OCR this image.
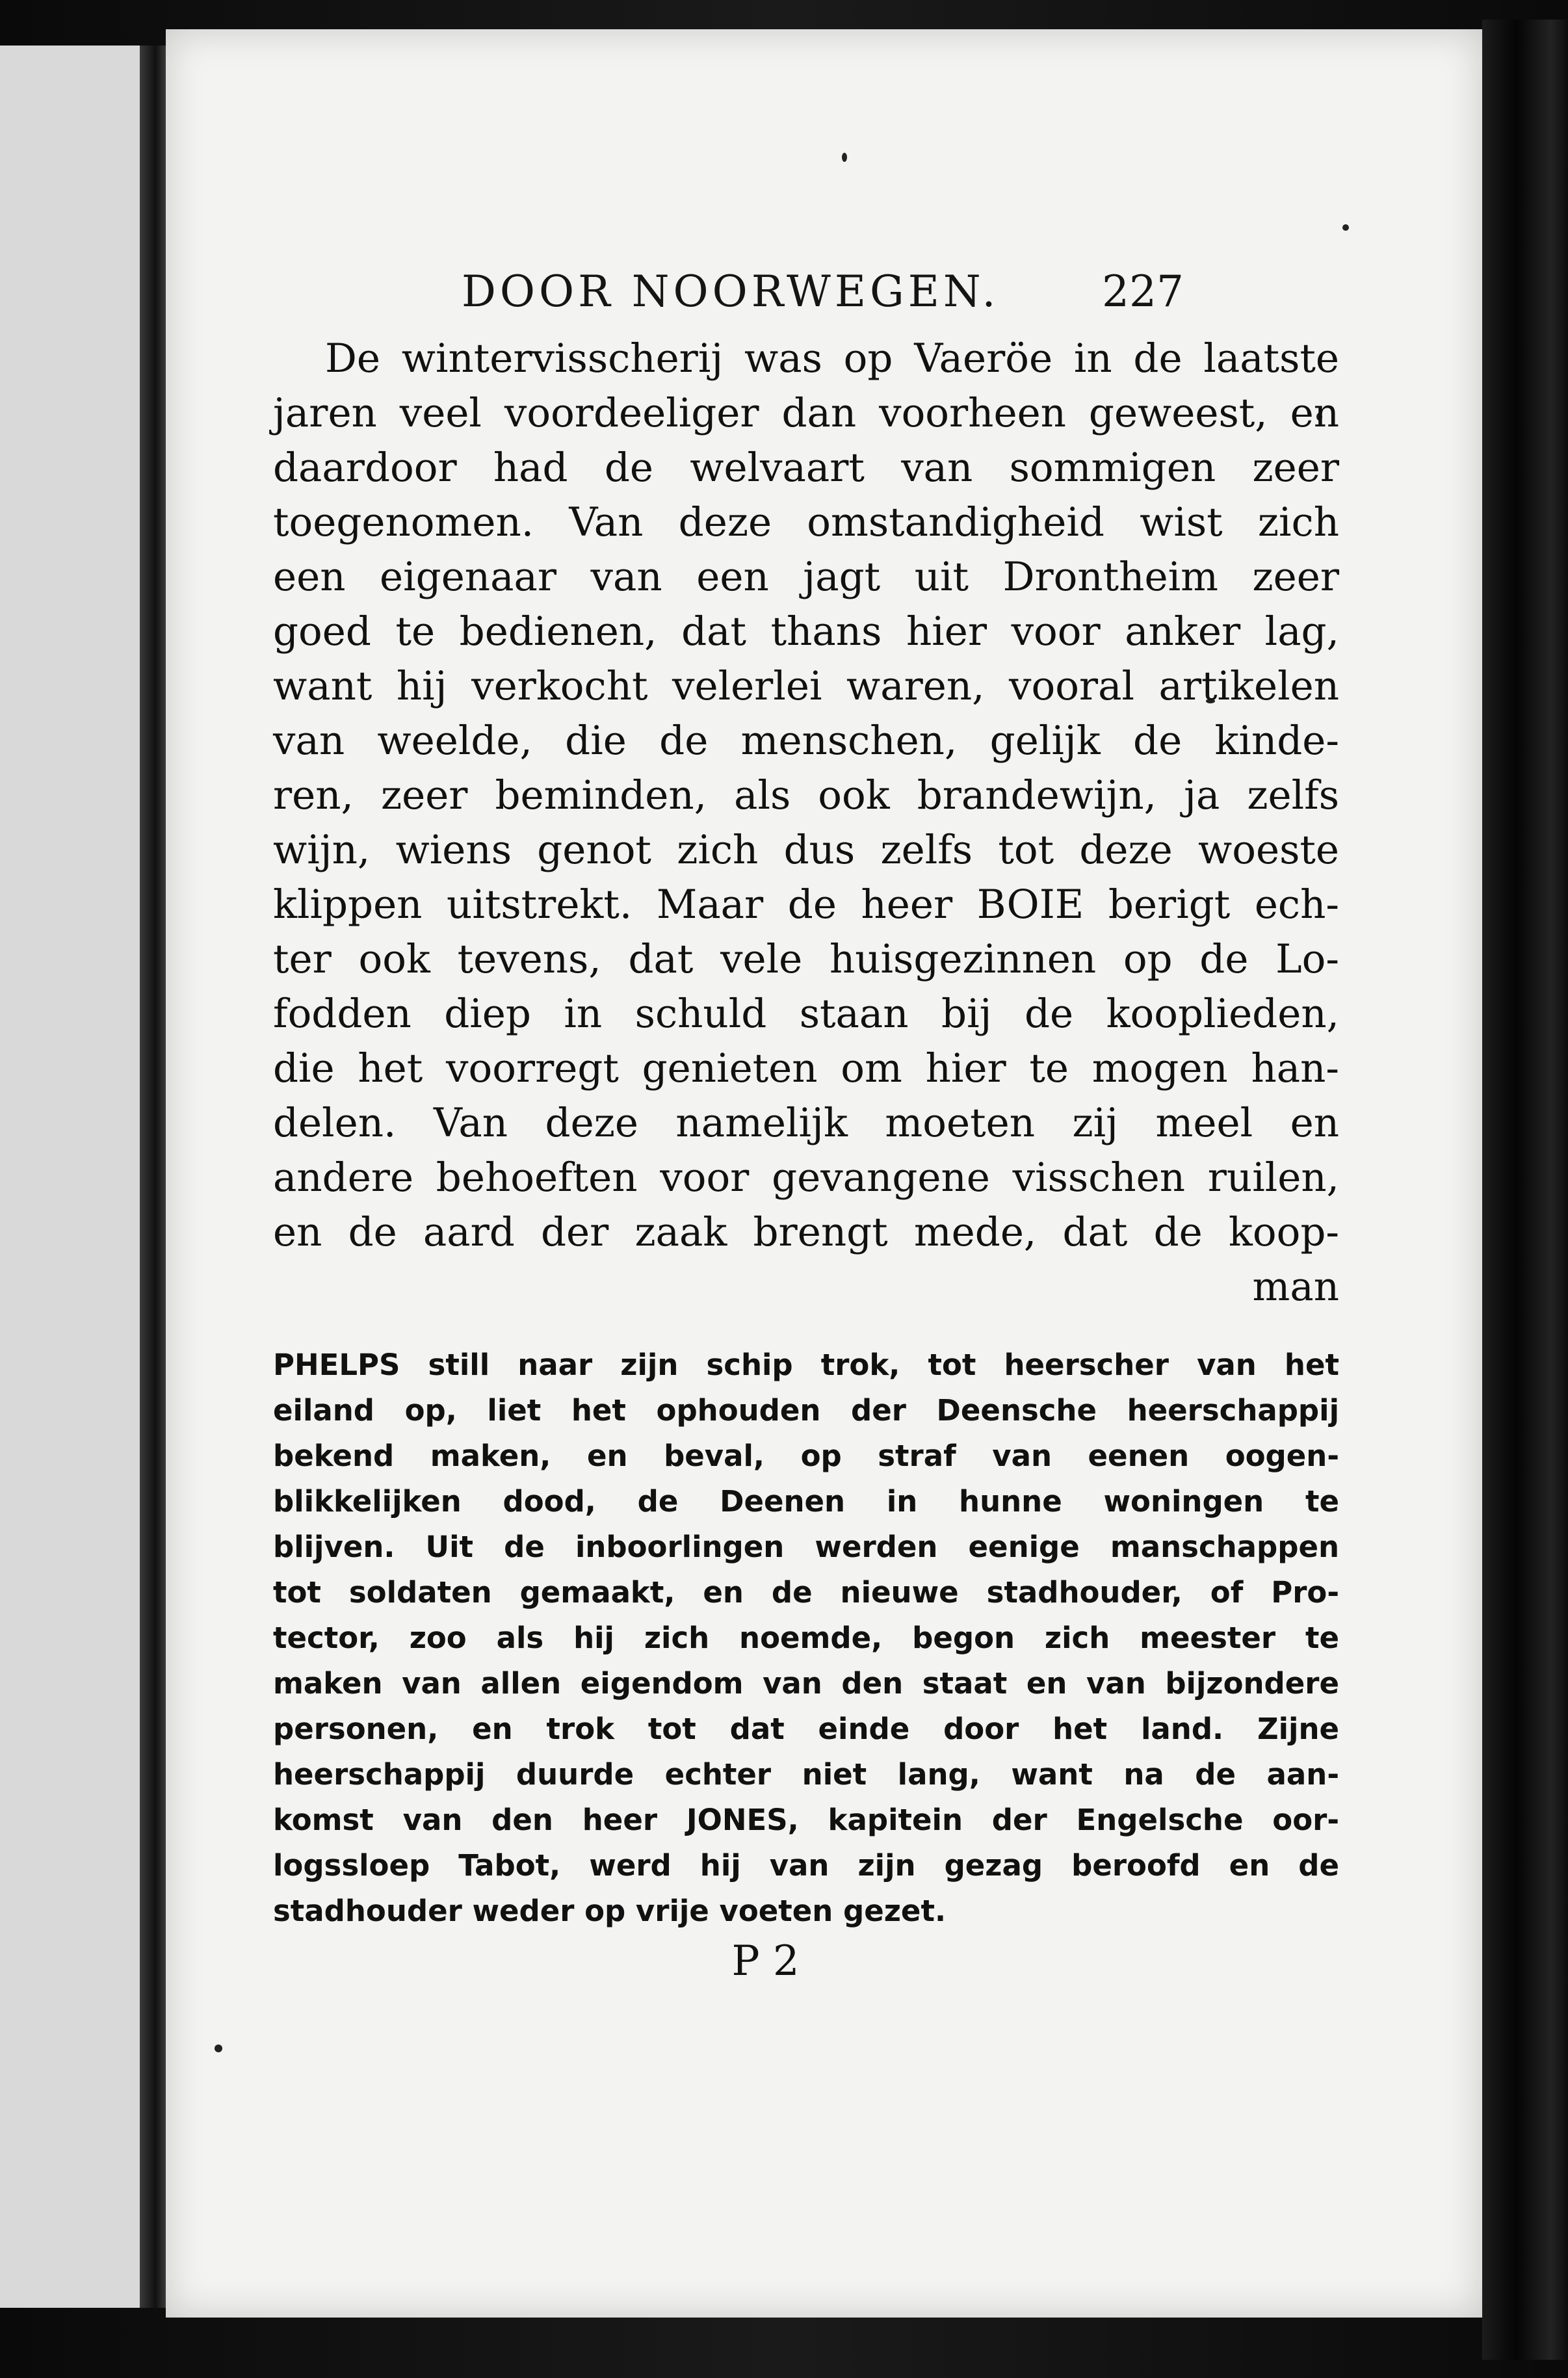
DOOR NOORWEGEN. 227
De wintervisscherij was op Vaeröe in de laatste
jaren veel voordeeliger dan voorheen geweest, en
daardoor had de welvaart van sommigen zeer
toegenomen. Van deze omstandigheid wist zich
een eigenaar van een jagt uit Drontheim zeer
goed te bedienen, dat thans hier voor anker lag,
want hij verkocht velerlei waren, vooral artikelen
van weelde, die de menschen, gelijk de kinde-
ren, zeer beminden, als ook brandewijn, ja zelfs
wijn, wiens genot zich dus zelfs tot deze woeste
klippen uitstrekt. Maar de heer BOIE berigt ech-
ter ook tevens, dat vele huisgezinnen op de Lo-
fodden diep in schuld staan bij de kooplieden,
die het voorregt genieten om hier te mogen han-
delen. Van deze namelijk moeten zij meel en
andere behoeften voor gevangene visschen ruilen,
en de aard der zaak brengt mede, dat de koop-
man
PHELPS still naar zijn schip trok, tot heerscher van het
eiland op, liet het ophouden der Deensche heerschappij
bekend maken, en beval, op straf van eenen oogen-
blikkelijken dood, de Deenen in hunne woningen te
blijven. Uit de inboorlingen werden eenige manschappen
tot soldaten gemaakt, en de nieuwe stadhouder, of Pro-
tector, zoo als hij zich noemde, begon zich meester te
maken van allen eigendom van den staat en van bijzondere
personen, en trok tot dat einde door het land. Zijne
heerschappij duurde echter niet lang, want na de aan-
komst van den heer JONES, kapitein der Engelsche oor-
logssloep Tabot, werd hij van zijn gezag beroofd en de
stadhouder weder op vrije voeten gezet.
P 2
